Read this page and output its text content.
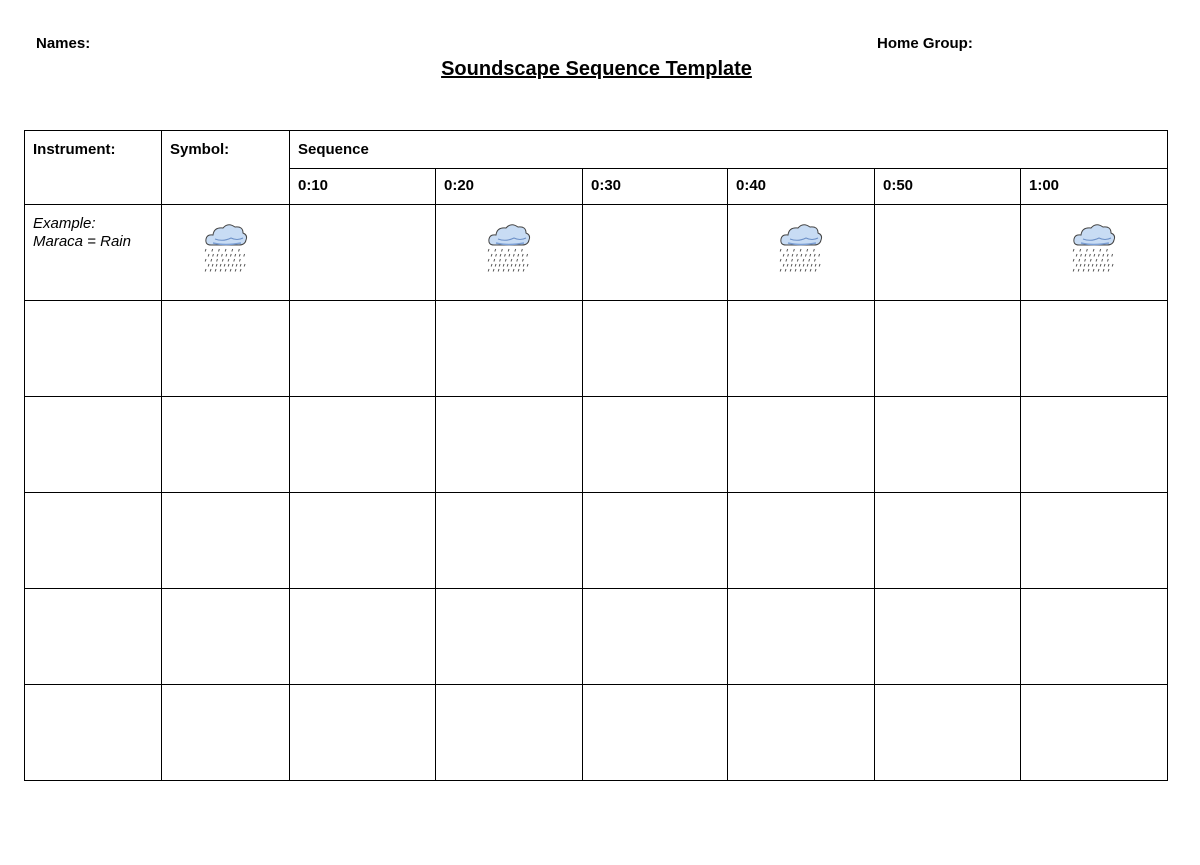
Names:	Home Group:
Soundscape Sequence Template
Instrument:	Symbol:	Sequence					
		0:10	0:20	0:30	0:40	0:50	1:00
Example:
Maraca = Rain							
